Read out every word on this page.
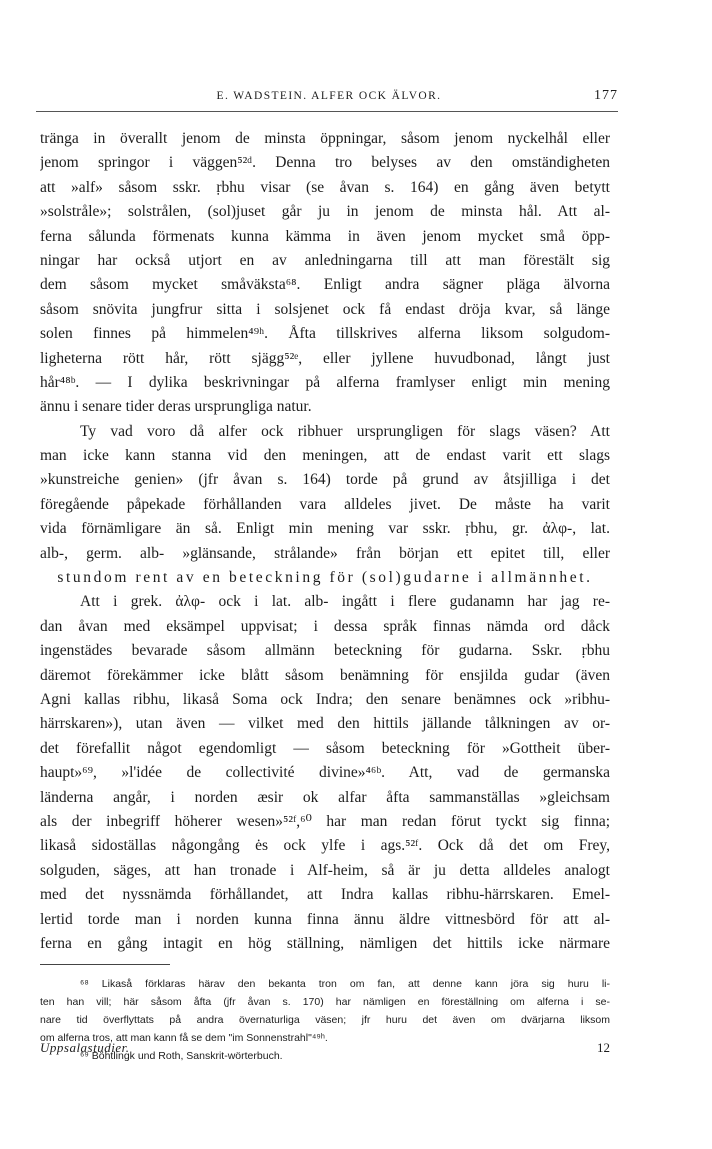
E. WADSTEIN. ALFER OCK ÄLVOR.	177
tränga in överallt jenom de minsta öppningar, såsom jenom nyckelhål eller
jenom springor i väggen⁵²ᵈ. Denna tro belyses av den omständigheten
att »alf» såsom sskr. ṛbhu visar (se åvan s. 164) en gång även betytt
»solstråle»; solstrålen, (sol)juset går ju in jenom de minsta hål. Att al-
ferna sålunda förmenats kunna kämma in även jenom mycket små öpp-
ningar har också utjort en av anledningarna till att man förestält sig
dem såsom mycket småväksta⁶⁸. Enligt andra sägner pläga älvorna
såsom snövita jungfrur sitta i solsjenet ock få endast dröja kvar, så länge
solen finnes på himmelen⁴⁹ʰ. Åfta tillskrives alferna liksom solgudom-
ligheterna rött hår, rött sjägg⁵²ᵉ, eller jyllene huvudbonad, långt just
hår⁴⁸ᵇ. — I dylika beskrivningar på alferna framlyser enligt min mening
ännu i senare tider deras ursprungliga natur.
Ty vad voro då alfer ock ribhuer ursprungligen för slags väsen? Att
man icke kann stanna vid den meningen, att de endast varit ett slags
»kunstreiche genien» (jfr åvan s. 164) torde på grund av åtsjilliga i det
föregående påpekade förhållanden vara alldeles jivet. De måste ha varit
vida förnämligare än så. Enligt min mening var sskr. ṛbhu, gr. ἀλφ-, lat.
alb-, germ. alb- »glänsande, strålande» från början ett epitet till, eller
stundom rent av en beteckning för (sol)gudarne i allmännhet.
Att i grek. ἀλφ- ock i lat. alb- ingått i flere gudanamn har jag re-
dan åvan med eksämpel uppvisat; i dessa språk finnas nämda ord dåck
ingenstädes bevarade såsom allmänn beteckning för gudarna. Sskr. ṛbhu
däremot förekämmer icke blått såsom benämning för ensjilda gudar (även
Agni kallas ribhu, likaså Soma ock Indra; den senare benämnes ock »ribhu-
härrskaren»), utan även — vilket med den hittils jällande tålkningen av or-
det förefallit något egendomligt — såsom beteckning för »Gottheit über-
haupt»⁶⁹, »l'idée de collectivité divine»⁴⁶ᵇ. Att, vad de germanska
länderna angår, i norden æsir ok alfar åfta sammanställas »gleichsam
als der inbegriff höherer wesen»⁵²ᶠ,⁶⁰ har man redan förut tyckt sig finna;
likaså sidoställas någongång ės ock ylfe i ags.⁵²ᶠ. Ock då det om Frey,
solguden, säges, att han tronade i Alf-heim, så är ju detta alldeles analogt
med det nyssnämda förhållandet, att Indra kallas ribhu-härrskaren. Emel-
lertid torde man i norden kunna finna ännu äldre vittnesbörd för att al-
ferna en gång intagit en hög ställning, nämligen det hittils icke närmare
⁶⁸ Likaså förklaras härav den bekanta tron om fan, att denne kann jöra sig huru li-
ten han vill; här såsom åfta (jfr åvan s. 170) har nämligen en föreställning om alferna i se-
nare tid överflyttats på andra övernaturliga väsen; jfr huru det även om dvärjarna liksom
om alferna tros, att man kann få se dem "im Sonnenstrahl"⁴⁹ʰ.
⁶⁹ Böhtlingk und Roth, Sanskrit-wörterbuch.
Uppsalastudier.	12
